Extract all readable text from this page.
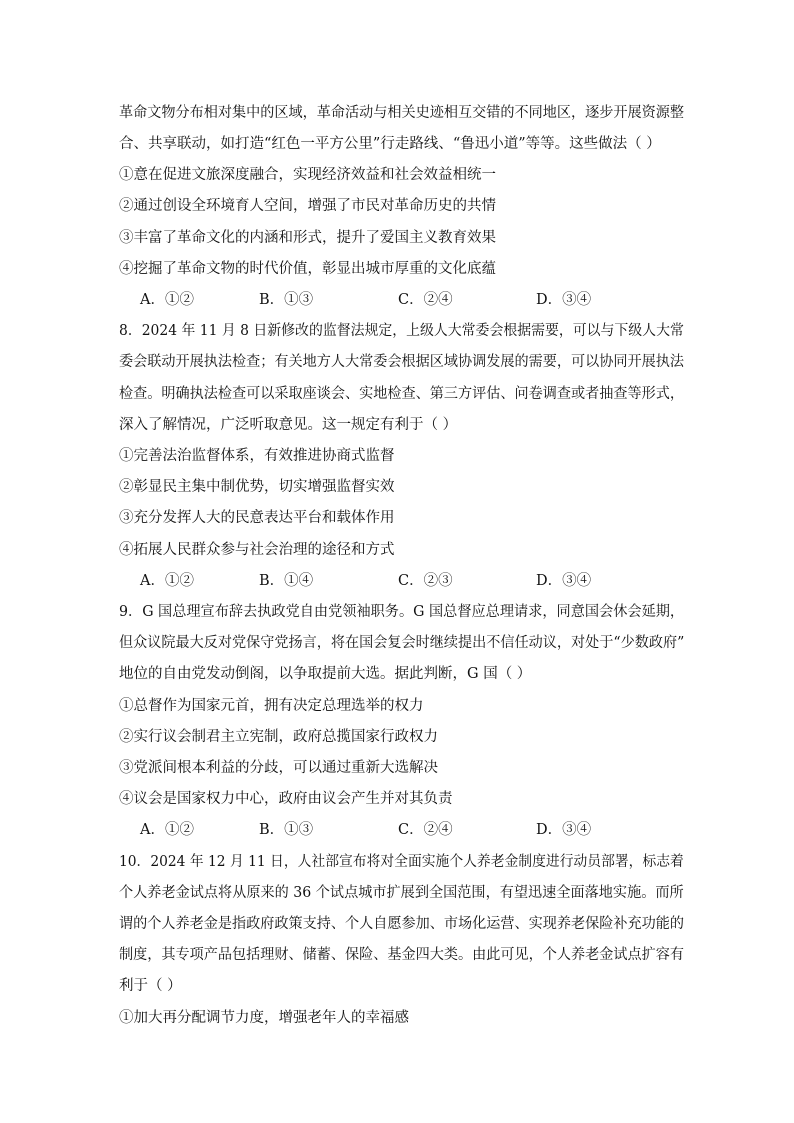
革命文物分布相对集中的区域，革命活动与相关史迹相互交错的不同地区，逐步开展资源整
合、共享联动，如打造“红色一平方公里”行走路线、“鲁迅小道”等等。这些做法（ ）
①意在促进文旅深度融合，实现经济效益和社会效益相统一
②通过创设全环境育人空间，增强了市民对革命历史的共情
③丰富了革命文化的内涵和形式，提升了爱国主义教育效果
④挖掘了革命文物的时代价值，彰显出城市厚重的文化底蕴
A．①②	B．①③	C．②④	D．③④
8．2024 年 11 月 8 日新修改的监督法规定，上级人大常委会根据需要，可以与下级人大常
委会联动开展执法检查；有关地方人大常委会根据区域协调发展的需要，可以协同开展执法
检查。明确执法检查可以采取座谈会、实地检查、第三方评估、问卷调查或者抽查等形式，
深入了解情况，广泛听取意见。这一规定有利于（ ）
①完善法治监督体系，有效推进协商式监督
②彰显民主集中制优势，切实增强监督实效
③充分发挥人大的民意表达平台和载体作用
④拓展人民群众参与社会治理的途径和方式
A．①②	B．①④	C．②③	D．③④
9．G 国总理宣布辞去执政党自由党领袖职务。G 国总督应总理请求，同意国会休会延期，
但众议院最大反对党保守党扬言，将在国会复会时继续提出不信任动议，对处于“少数政府”
地位的自由党发动倒阁，以争取提前大选。据此判断，G 国（ ）
①总督作为国家元首，拥有决定总理选举的权力
②实行议会制君主立宪制，政府总揽国家行政权力
③党派间根本利益的分歧，可以通过重新大选解决
④议会是国家权力中心，政府由议会产生并对其负责
A．①②	B．①③	C．②④	D．③④
10．2024 年 12 月 11 日，人社部宣布将对全面实施个人养老金制度进行动员部署，标志着
个人养老金试点将从原来的 36 个试点城市扩展到全国范围，有望迅速全面落地实施。而所
谓的个人养老金是指政府政策支持、个人自愿参加、市场化运营、实现养老保险补充功能的
制度，其专项产品包括理财、储蓄、保险、基金四大类。由此可见，个人养老金试点扩容有
利于（ ）
①加大再分配调节力度，增强老年人的幸福感
